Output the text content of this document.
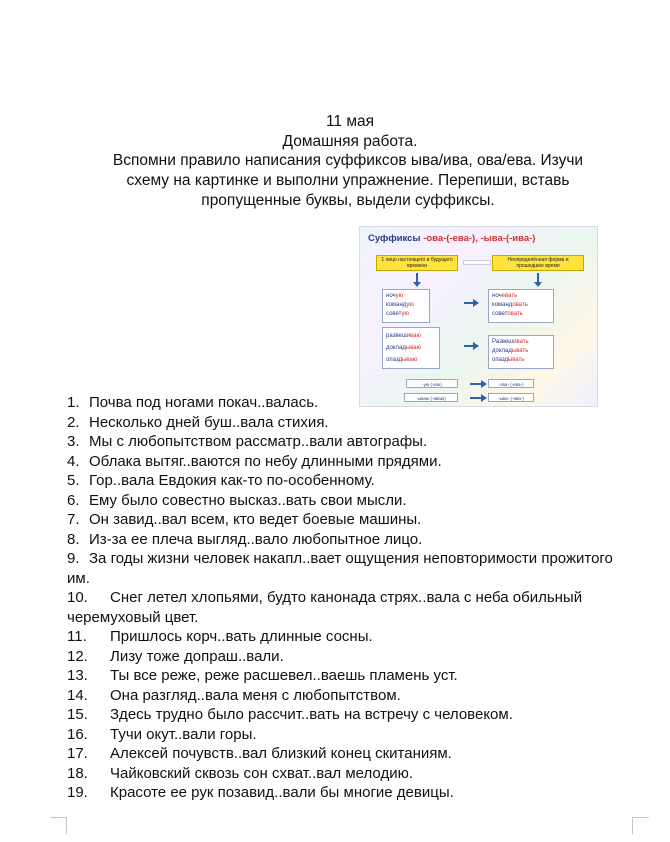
11 мая
Домашняя работа.
Вспомни правило написания суффиксов ыва/ива, ова/ева. Изучи
схему на картинке и выполни упражнение. Перепиши, вставь
пропущенные буквы, выдели суффиксы.
Суффиксы -ова-(-ева-), -ыва-(-ива-)
1 лицо настоящего и будущего времени
Неопределённая форма и прошедшее время
ночую
командую
советую
ночевать
командовать
советовать
развешиваю
докладываю
опаздываю
Развешивать
докладывать
опаздывать
-ую (-юю)	-ова- (-ева-)
-ываю (-иваю)	-ыва- (-ива-)
1. Почва под ногами покач..валась.
2. Несколько дней буш..вала стихия.
3. Мы с любопытством рассматр..вали автографы.
4. Облака вытяг..ваются по небу длинными прядями.
5. Гор..вала Евдокия как-то по-особенному.
6. Ему было совестно высказ..вать свои мысли.
7. Он завид..вал всем, кто ведет боевые машины.
8. Из-за ее плеча выгляд..вало любопытное лицо.
9. За годы жизни человек накапл..вает ощущения неповторимости прожитого им.
10. Снег летел хлопьями, будто канонада стрях..вала с неба обильный черемуховый цвет.
11. Пришлось корч..вать длинные сосны.
12. Лизу тоже допраш..вали.
13. Ты все реже, реже расшевел..ваешь пламень уст.
14. Она разгляд..вала меня с любопытством.
15. Здесь трудно было рассчит..вать на встречу с человеком.
16. Тучи окут..вали горы.
17. Алексей почувств..вал близкий конец скитаниям.
18. Чайковский сквозь сон схват..вал мелодию.
19. Красоте ее рук позавид..вали бы многие девицы.
